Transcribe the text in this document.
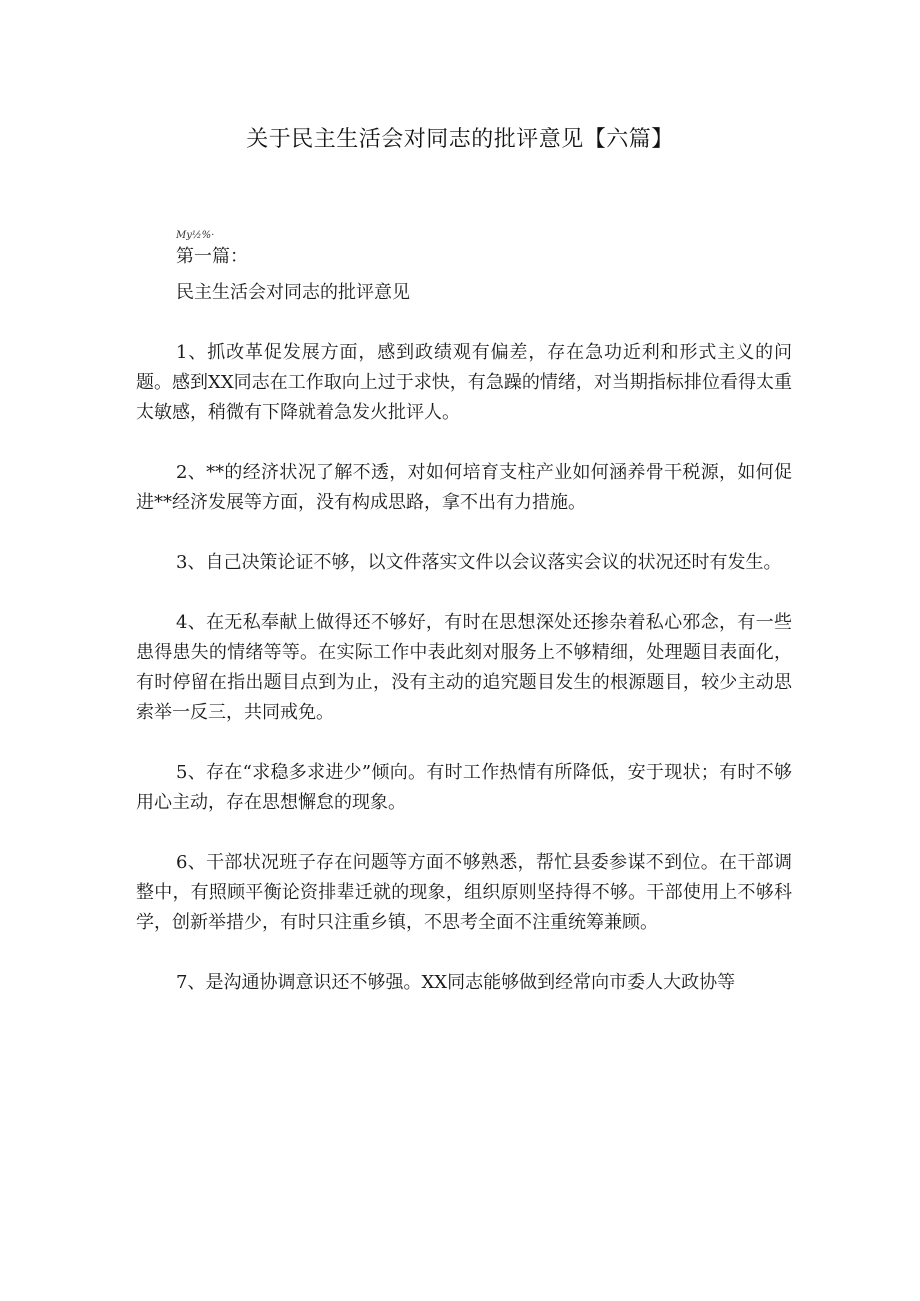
关于民主生活会对同志的批评意见【六篇】
My½%·

第一篇：

民主生活会对同志的批评意见

1、抓改革促发展方面，感到政绩观有偏差，存在急功近利和形式主义的问题。感到XX同志在工作取向上过于求快，有急躁的情绪，对当期指标排位看得太重太敏感，稍微有下降就着急发火批评人。

2、**的经济状况了解不透，对如何培育支柱产业如何涵养骨干税源，如何促进**经济发展等方面，没有构成思路，拿不出有力措施。

3、自己决策论证不够，以文件落实文件以会议落实会议的状况还时有发生。

4、在无私奉献上做得还不够好，有时在思想深处还掺杂着私心邪念，有一些患得患失的情绪等等。在实际工作中表此刻对服务上不够精细，处理题目表面化，有时停留在指出题目点到为止，没有主动的追究题目发生的根源题目，较少主动思索举一反三，共同戒免。

5、存在“求稳多求进少”倾向。有时工作热情有所降低，安于现状；有时不够用心主动，存在思想懈怠的现象。

6、干部状况班子存在问题等方面不够熟悉，帮忙县委参谋不到位。在干部调整中，有照顾平衡论资排辈迁就的现象，组织原则坚持得不够。干部使用上不够科学，创新举措少，有时只注重乡镇，不思考全面不注重统筹兼顾。

7、是沟通协调意识还不够强。XX同志能够做到经常向市委人大政协等
